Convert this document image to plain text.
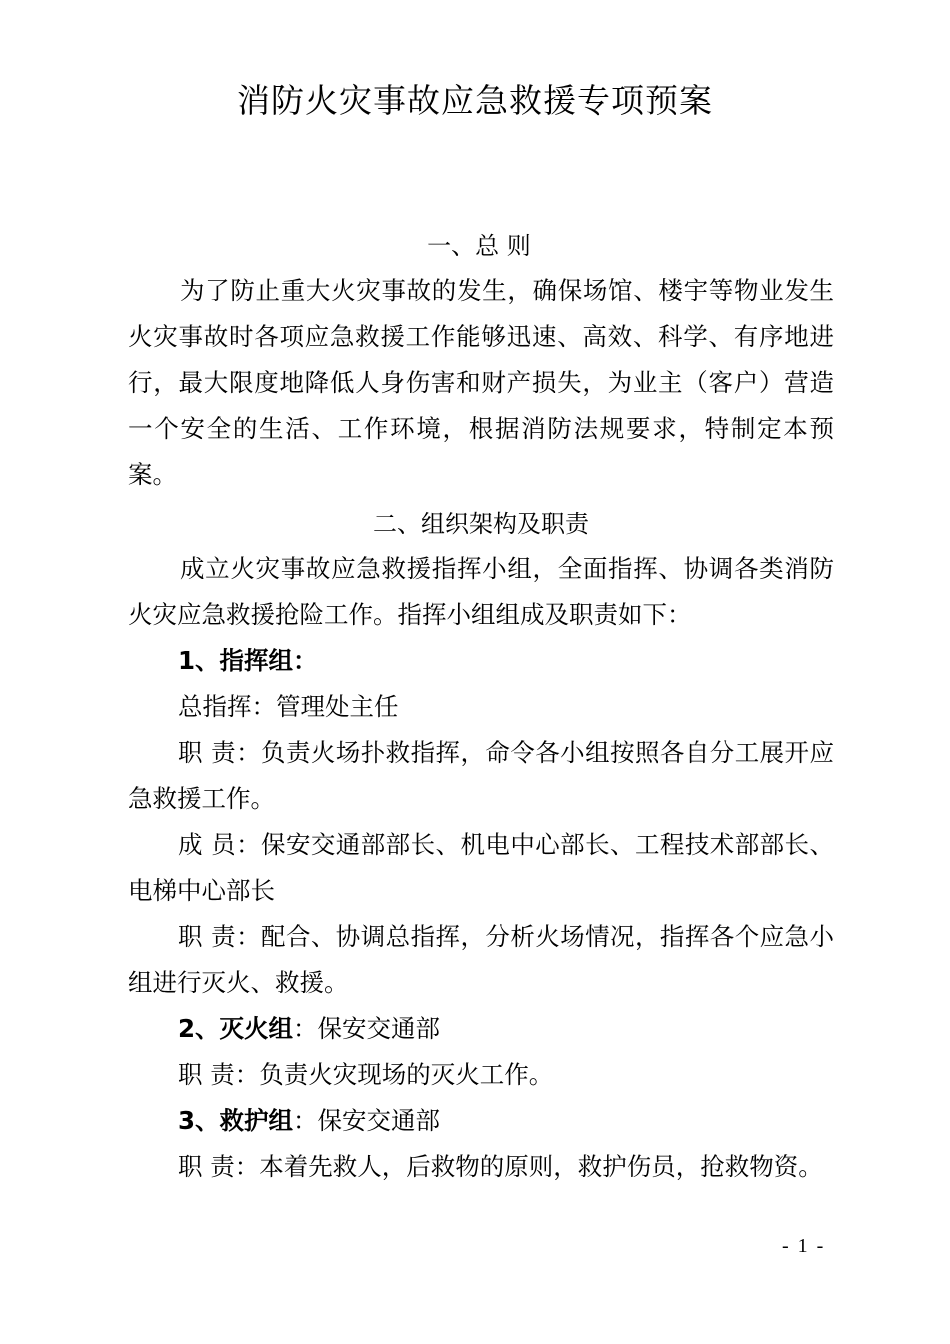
消防火灾事故应急救援专项预案
一、总 则

为了防止重大火灾事故的发生，确保场馆、楼宇等物业发生火灾事故时各项应急救援工作能够迅速、高效、科学、有序地进行，最大限度地降低人身伤害和财产损失，为业主（客户）营造一个安全的生活、工作环境，根据消防法规要求，特制定本预案。

二、组织架构及职责

成立火灾事故应急救援指挥小组，全面指挥、协调各类消防火灾应急救援抢险工作。指挥小组组成及职责如下：

1、指挥组：

总指挥：管理处主任

职 责：负责火场扑救指挥，命令各小组按照各自分工展开应急救援工作。

成 员：保安交通部部长、机电中心部长、工程技术部部长、电梯中心部长

职 责：配合、协调总指挥，分析火场情况，指挥各个应急小组进行灭火、救援。

2、灭火组：保安交通部

职 责：负责火灾现场的灭火工作。

3、救护组：保安交通部

职 责：本着先救人，后救物的原则，救护伤员，抢救物资。

- 1 -
